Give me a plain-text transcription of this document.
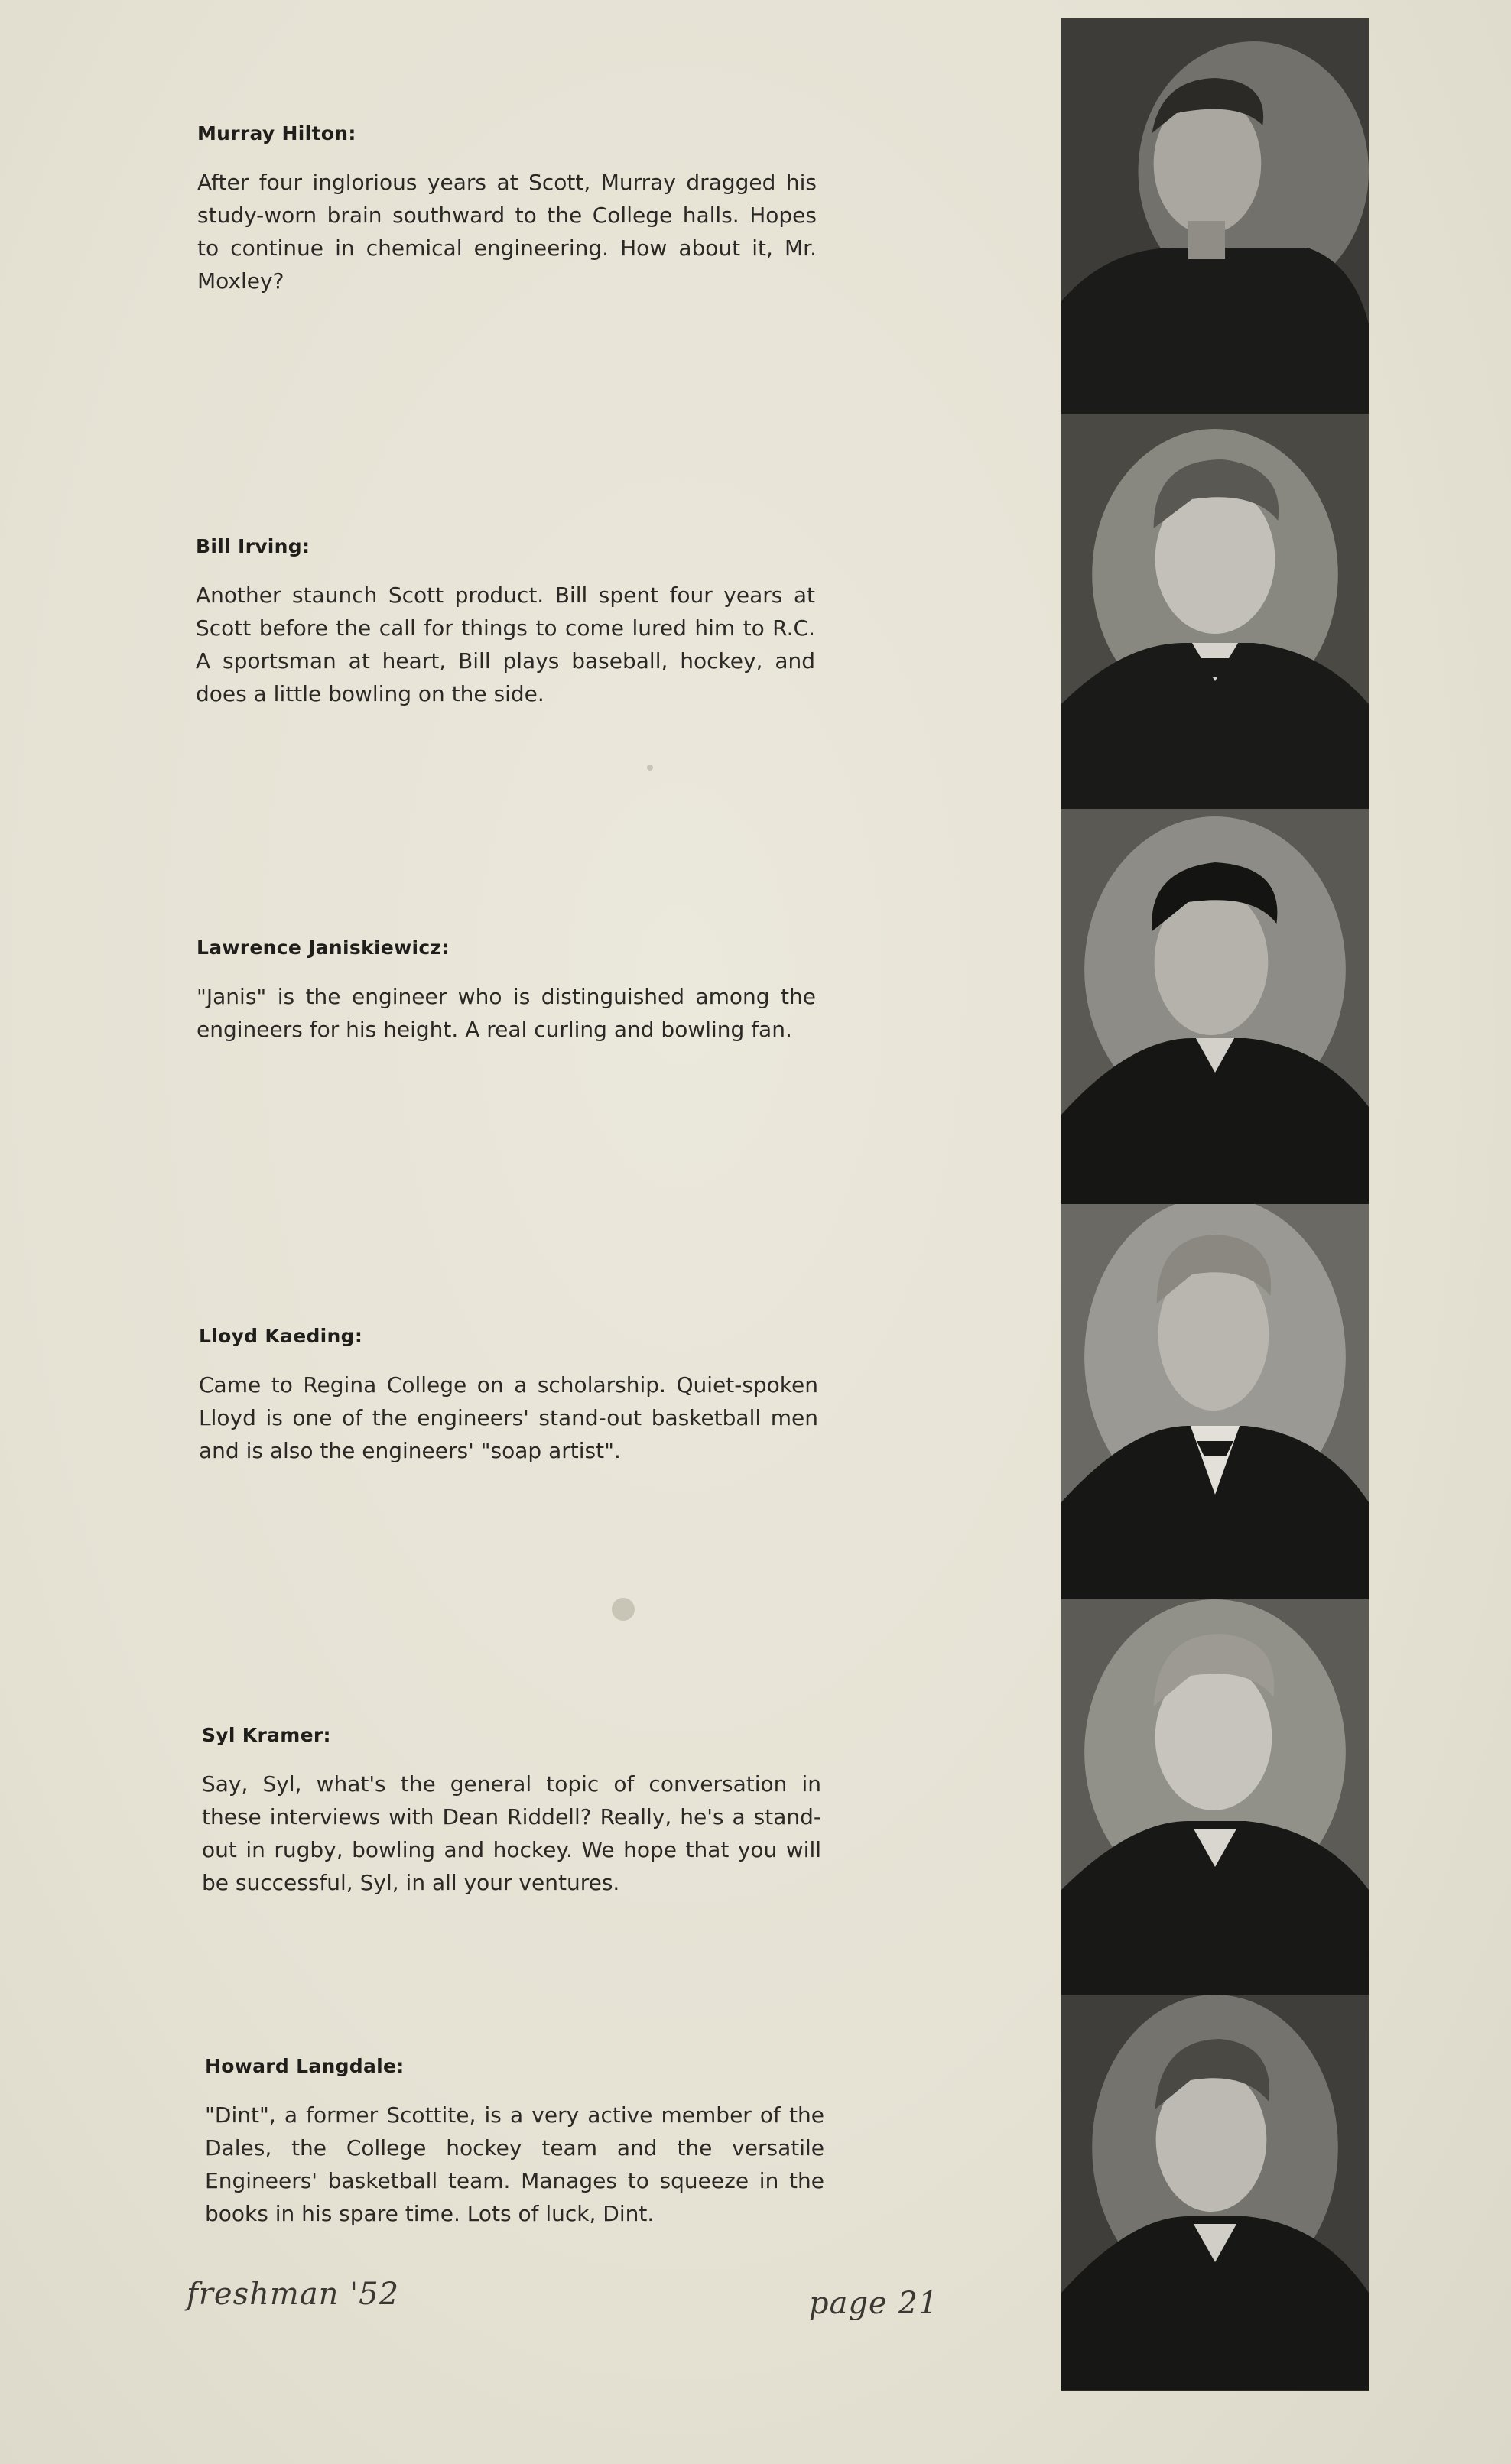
Murray Hilton:

After four inglorious years at Scott, Murray dragged his study-worn brain southward to the College halls. Hopes to continue in chemical engineering. How about it, Mr. Moxley?

Bill Irving:

Another staunch Scott product. Bill spent four years at Scott before the call for things to come lured him to R.C. A sportsman at heart, Bill plays baseball, hockey, and does a little bowling on the side.

Lawrence Janiskiewicz:

"Janis" is the engineer who is distinguished among the engineers for his height. A real curling and bowling fan.

Lloyd Kaeding:

Came to Regina College on a scholarship. Quiet-spoken Lloyd is one of the engineers' stand-out basketball men and is also the engineers' "soap artist".

Syl Kramer:

Say, Syl, what's the general topic of conversation in these interviews with Dean Riddell? Really, he's a stand-out in rugby, bowling and hockey. We hope that you will be successful, Syl, in all your ventures.

Howard Langdale:

"Dint", a former Scottite, is a very active member of the Dales, the College hockey team and the versatile Engineers' basketball team. Manages to squeeze in the books in his spare time. Lots of luck, Dint.

freshman '52	page 21
